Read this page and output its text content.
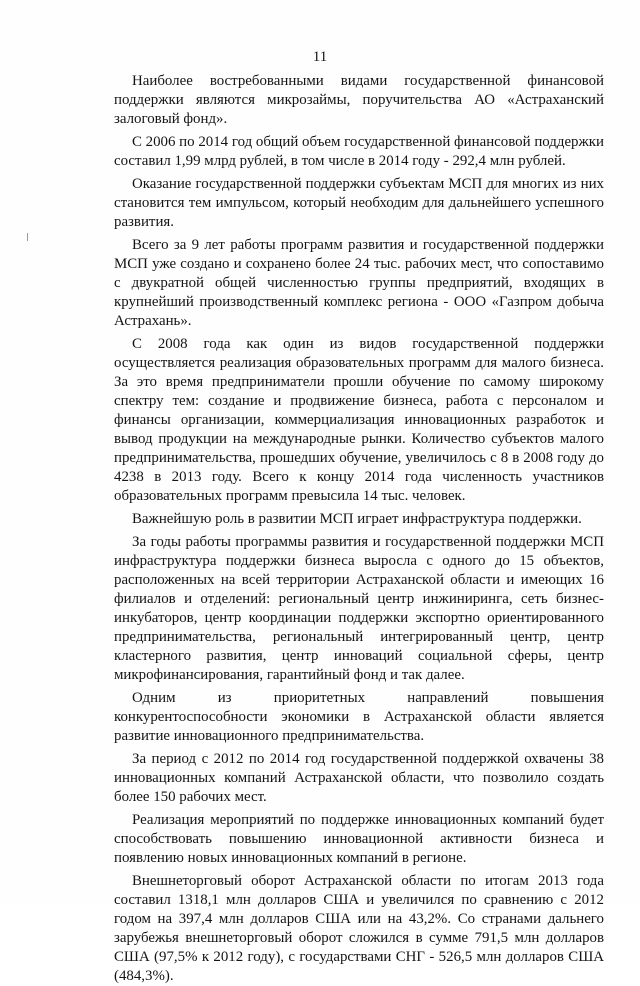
11

Наиболее востребованными видами государственной финансовой поддержки являются микрозаймы, поручительства АО «Астраханский залоговый фонд».

С 2006 по 2014 год общий объем государственной финансовой поддержки составил 1,99 млрд рублей, в том числе в 2014 году - 292,4 млн рублей.

Оказание государственной поддержки субъектам МСП для многих из них становится тем импульсом, который необходим для дальнейшего успешного развития.

Всего за 9 лет работы программ развития и государственной поддержки МСП уже создано и сохранено более 24 тыс. рабочих мест, что сопоставимо с двукратной общей численностью группы предприятий, входящих в крупнейший производственный комплекс региона - ООО «Газпром добыча Астрахань».

С 2008 года как один из видов государственной поддержки осуществляется реализация образовательных программ для малого бизнеса. За это время предприниматели прошли обучение по самому широкому спектру тем: создание и продвижение бизнеса, работа с персоналом и финансы организации, коммерциализация инновационных разработок и вывод продукции на международные рынки. Количество субъектов малого предпринимательства, прошедших обучение, увеличилось с 8 в 2008 году до 4238 в 2013 году. Всего к концу 2014 года численность участников образовательных программ превысила 14 тыс. человек.

Важнейшую роль в развитии МСП играет инфраструктура поддержки.

За годы работы программы развития и государственной поддержки МСП инфраструктура поддержки бизнеса выросла с одного до 15 объектов, расположенных на всей территории Астраханской области и имеющих 16 филиалов и отделений: региональный центр инжиниринга, сеть бизнес-инкубаторов, центр координации поддержки экспортно ориентированного предпринимательства, региональный интегрированный центр, центр кластерного развития, центр инноваций социальной сферы, центр микрофинансирования, гарантийный фонд и так далее.

Одним из приоритетных направлений повышения конкурентоспособности экономики в Астраханской области является развитие инновационного предпринимательства.

За период с 2012 по 2014 год государственной поддержкой охвачены 38 инновационных компаний Астраханской области, что позволило создать более 150 рабочих мест.

Реализация мероприятий по поддержке инновационных компаний будет способствовать повышению инновационной активности бизнеса и появлению новых инновационных компаний в регионе.

Внешнеторговый оборот Астраханской области по итогам 2013 года составил 1318,1 млн долларов США и увеличился по сравнению с 2012 годом на 397,4 млн долларов США или на 43,2%. Со странами дальнего зарубежья внешнеторговый оборот сложился в сумме 791,5 млн долларов США (97,5% к 2012 году), с государствами СНГ - 526,5 млн долларов США (484,3%).
